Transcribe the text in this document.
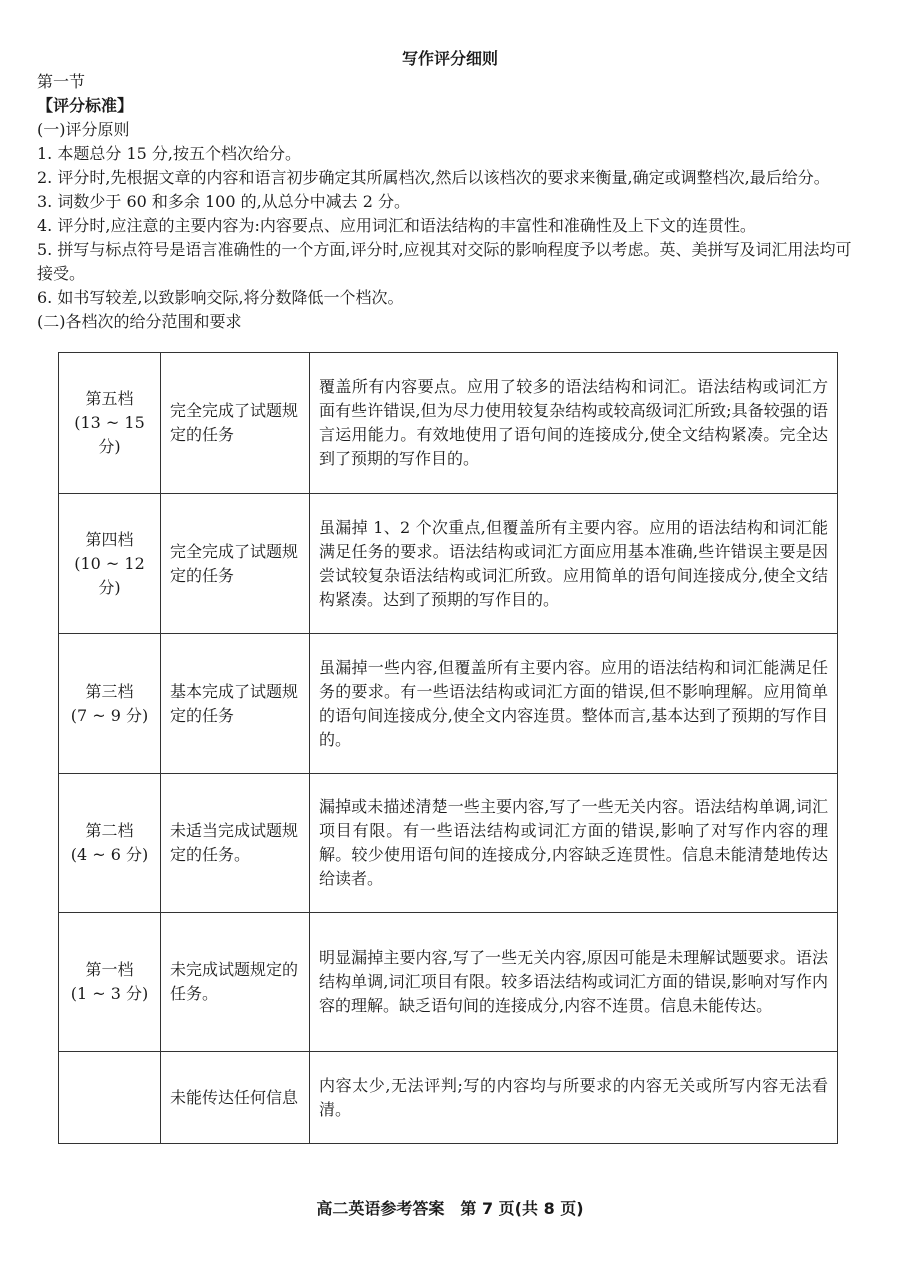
写作评分细则
第一节
【评分标准】
(一)评分原则
1. 本题总分 15 分,按五个档次给分。
2. 评分时,先根据文章的内容和语言初步确定其所属档次,然后以该档次的要求来衡量,确定或调整档次,最后给分。
3. 词数少于 60 和多余 100 的,从总分中减去 2 分。
4. 评分时,应注意的主要内容为:内容要点、应用词汇和语法结构的丰富性和准确性及上下文的连贯性。
5. 拼写与标点符号是语言准确性的一个方面,评分时,应视其对交际的影响程度予以考虑。英、美拼写及词汇用法均可接受。
6. 如书写较差,以致影响交际,将分数降低一个档次。
(二)各档次的给分范围和要求
第五档
(13 ~ 15 分)	完全完成了试题规定的任务	覆盖所有内容要点。应用了较多的语法结构和词汇。语法结构或词汇方面有些许错误,但为尽力使用较复杂结构或较高级词汇所致;具备较强的语言运用能力。有效地使用了语句间的连接成分,使全文结构紧凑。完全达到了预期的写作目的。

第四档
(10 ~ 12 分)	完全完成了试题规定的任务	虽漏掉 1、2 个次重点,但覆盖所有主要内容。应用的语法结构和词汇能满足任务的要求。语法结构或词汇方面应用基本准确,些许错误主要是因尝试较复杂语法结构或词汇所致。应用简单的语句间连接成分,使全文结构紧凑。达到了预期的写作目的。

第三档
(7 ~ 9 分)	基本完成了试题规定的任务	虽漏掉一些内容,但覆盖所有主要内容。应用的语法结构和词汇能满足任务的要求。有一些语法结构或词汇方面的错误,但不影响理解。应用简单的语句间连接成分,使全文内容连贯。整体而言,基本达到了预期的写作目的。

第二档
(4 ~ 6 分)	未适当完成试题规定的任务。	漏掉或未描述清楚一些主要内容,写了一些无关内容。语法结构单调,词汇项目有限。有一些语法结构或词汇方面的错误,影响了对写作内容的理解。较少使用语句间的连接成分,内容缺乏连贯性。信息未能清楚地传达给读者。

第一档
(1 ~ 3 分)	未完成试题规定的任务。	明显漏掉主要内容,写了一些无关内容,原因可能是未理解试题要求。语法结构单调,词汇项目有限。较多语法结构或词汇方面的错误,影响对写作内容的理解。缺乏语句间的连接成分,内容不连贯。信息未能传达。

	未能传达任何信息	内容太少,无法评判;写的内容均与所要求的内容无关或所写内容无法看清。
高二英语参考答案　第 7 页(共 8 页)
